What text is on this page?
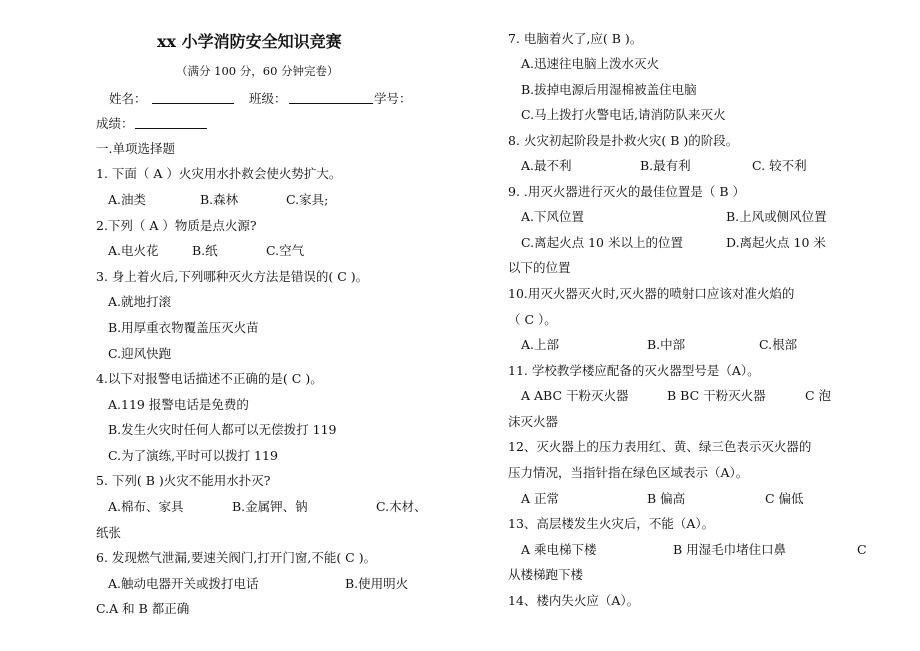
xx 小学消防安全知识竞赛
（满分 100 分，60 分钟完卷）
姓名：	班级：	学号：
成绩：
一.单项选择题
1. 下面（ A ）火灾用水扑救会使火势扩大。
A.油类	B.森林	C.家具;
2.下列（ A ）物质是点火源?
A.电火花	B.纸	C.空气
3. 身上着火后,下列哪种灭火方法是错误的( C )。
A.就地打滚
B.用厚重衣物覆盖压灭火苗
C.迎风快跑
4.以下对报警电话描述不正确的是( C )。
A.119 报警电话是免费的
B.发生火灾时任何人都可以无偿拨打 119
C.为了演练,平时可以拨打 119
5. 下列( B )火灾不能用水扑灭?
A.棉布、家具	B.金属钾、钠	C.木材、
纸张
6. 发现燃气泄漏,要速关阀门,打开门窗,不能( C )。
A.触动电器开关或拨打电话	B.使用明火
C.A 和 B 都正确
7. 电脑着火了,应( B )。
A.迅速往电脑上泼水灭火
B.拔掉电源后用湿棉被盖住电脑
C.马上拨打火警电话,请消防队来灭火
8. 火灾初起阶段是扑救火灾( B )的阶段。
A.最不利	B.最有利	C. 较不利
9. .用灭火器进行灭火的最佳位置是（ B ）
A.下风位置	B.上风或侧风位置
C.离起火点 10 米以上的位置	D.离起火点 10 米
以下的位置
10.用灭火器灭火时,灭火器的喷射口应该对准火焰的
（ C ）。
A.上部	B.中部	C.根部
11. 学校教学楼应配备的灭火器型号是（A）。
A ABC 干粉灭火器	B BC 干粉灭火器	C 泡
沫灭火器
12、灭火器上的压力表用红、黄、绿三色表示灭火器的
压力情况，当指针指在绿色区域表示（A）。
A 正常	B 偏高	C 偏低
13、高层楼发生火灾后，不能（A）。
A 乘电梯下楼	B 用湿毛巾堵住口鼻	C
从楼梯跑下楼
14、楼内失火应（A）。
